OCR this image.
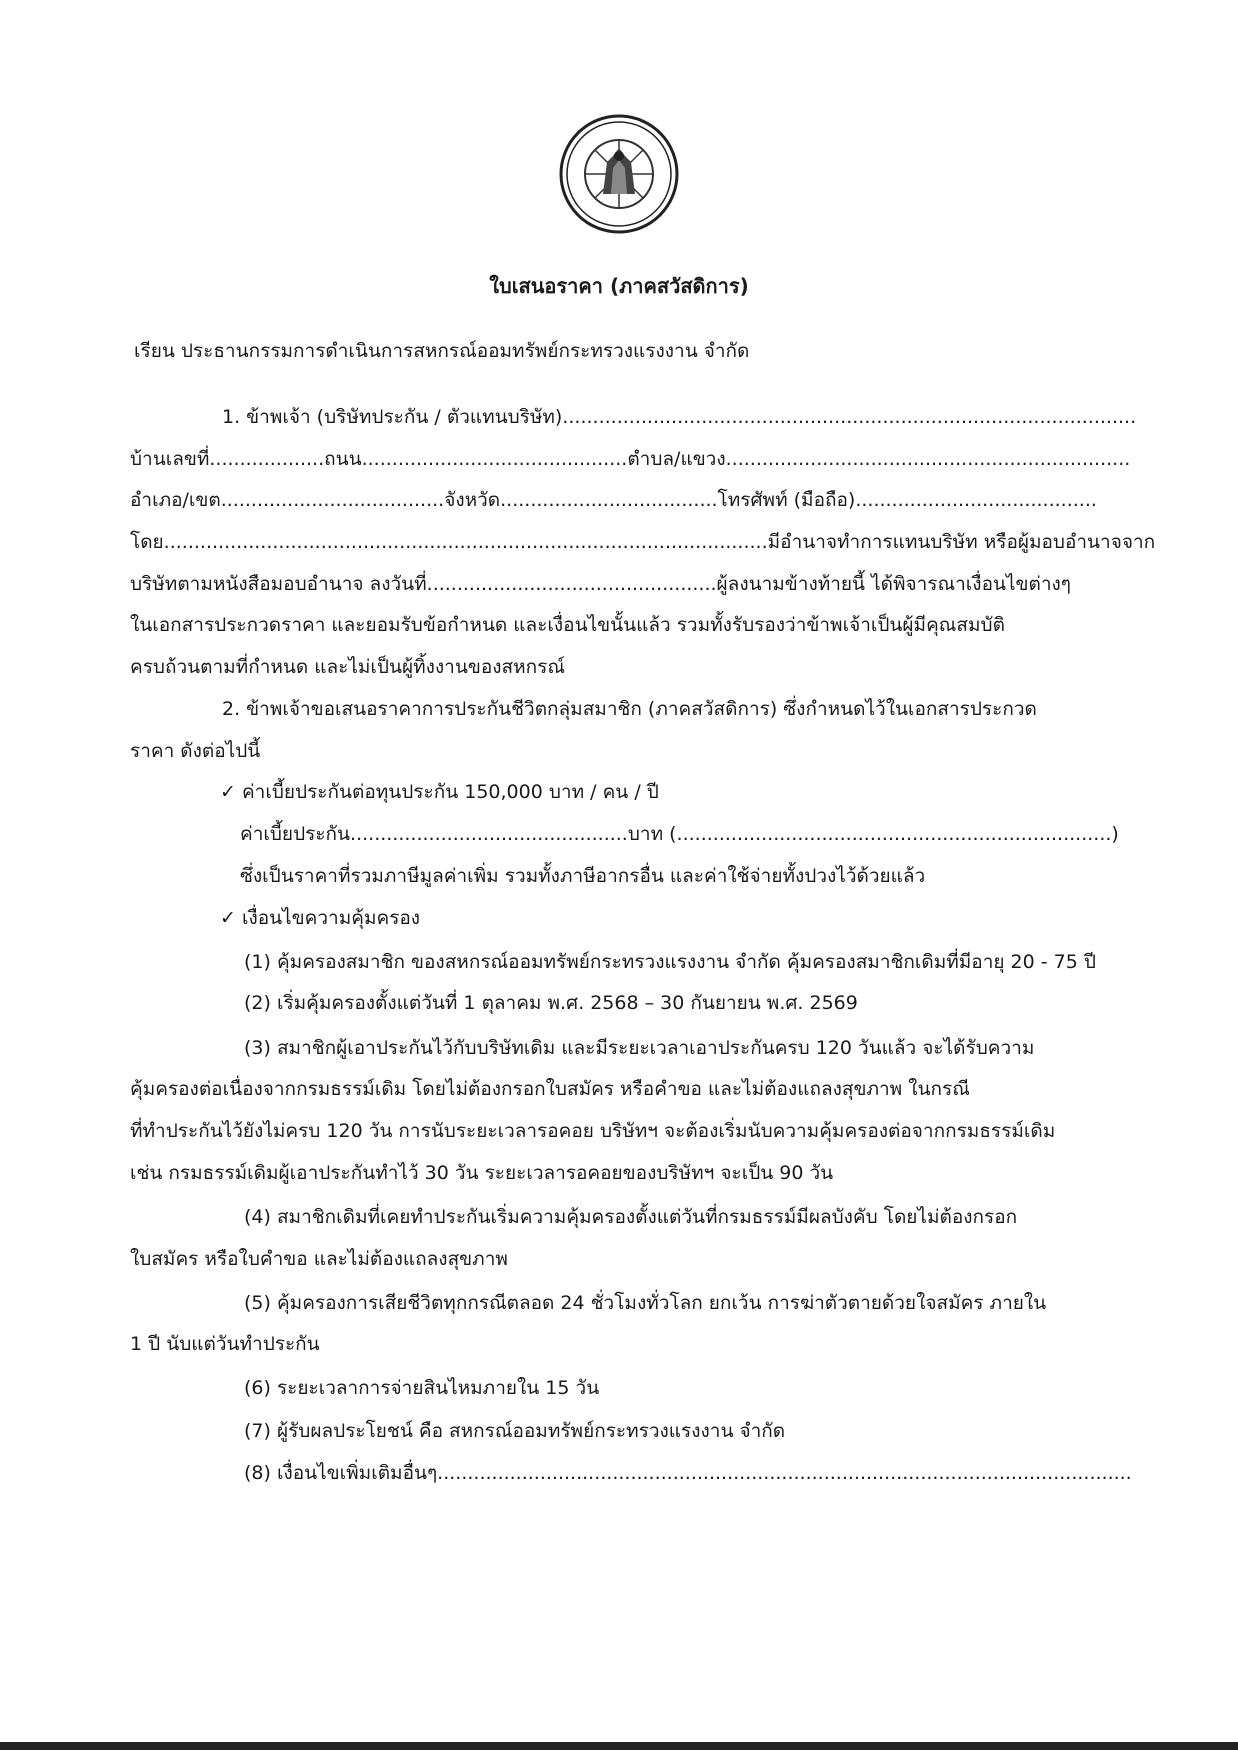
ใบเสนอราคา (ภาคสวัสดิการ)
เรียน ประธานกรรมการดำเนินการสหกรณ์ออมทรัพย์กระทรวงแรงงาน จำกัด
1. ข้าพเจ้า (บริษัทประกัน / ตัวแทนบริษัท)...............................................................................................
บ้านเลขที่...................ถนน............................................ตำบล/แขวง...................................................................
อำเภอ/เขต.....................................จังหวัด....................................โทรศัพท์ (มือถือ)........................................
โดย....................................................................................................มีอำนาจทำการแทนบริษัท หรือผู้มอบอำนาจจาก
บริษัทตามหนังสือมอบอำนาจ ลงวันที่................................................ผู้ลงนามข้างท้ายนี้ ได้พิจารณาเงื่อนไขต่างๆ
ในเอกสารประกวดราคา และยอมรับข้อกำหนด และเงื่อนไขนั้นแล้ว รวมทั้งรับรองว่าข้าพเจ้าเป็นผู้มีคุณสมบัติ
ครบถ้วนตามที่กำหนด และไม่เป็นผู้ทิ้งงานของสหกรณ์
2. ข้าพเจ้าขอเสนอราคาการประกันชีวิตกลุ่มสมาชิก (ภาคสวัสดิการ) ซึ่งกำหนดไว้ในเอกสารประกวด
ราคา ดังต่อไปนี้
✓ ค่าเบี้ยประกันต่อทุนประกัน 150,000 บาท / คน / ปี
ค่าเบี้ยประกัน..............................................บาท (........................................................................)
ซึ่งเป็นราคาที่รวมภาษีมูลค่าเพิ่ม รวมทั้งภาษีอากรอื่น และค่าใช้จ่ายทั้งปวงไว้ด้วยแล้ว
✓ เงื่อนไขความคุ้มครอง
(1) คุ้มครองสมาชิก ของสหกรณ์ออมทรัพย์กระทรวงแรงงาน จำกัด คุ้มครองสมาชิกเดิมที่มีอายุ 20 - 75 ปี
(2) เริ่มคุ้มครองตั้งแต่วันที่ 1 ตุลาคม พ.ศ. 2568 – 30 กันยายน พ.ศ. 2569
(3) สมาชิกผู้เอาประกันไว้กับบริษัทเดิม และมีระยะเวลาเอาประกันครบ 120 วันแล้ว จะได้รับความ
คุ้มครองต่อเนื่องจากกรมธรรม์เดิม โดยไม่ต้องกรอกใบสมัคร หรือคำขอ และไม่ต้องแถลงสุขภาพ ในกรณี
ที่ทำประกันไว้ยังไม่ครบ 120 วัน การนับระยะเวลารอคอย บริษัทฯ จะต้องเริ่มนับความคุ้มครองต่อจากกรมธรรม์เดิม
เช่น กรมธรรม์เดิมผู้เอาประกันทำไว้ 30 วัน ระยะเวลารอคอยของบริษัทฯ จะเป็น 90 วัน
(4) สมาชิกเดิมที่เคยทำประกันเริ่มความคุ้มครองตั้งแต่วันที่กรมธรรม์มีผลบังคับ โดยไม่ต้องกรอก
ใบสมัคร หรือใบคำขอ และไม่ต้องแถลงสุขภาพ
(5) คุ้มครองการเสียชีวิตทุกกรณีตลอด 24 ชั่วโมงทั่วโลก ยกเว้น การฆ่าตัวตายด้วยใจสมัคร ภายใน
1 ปี นับแต่วันทำประกัน
(6) ระยะเวลาการจ่ายสินไหมภายใน 15 วัน
(7) ผู้รับผลประโยชน์ คือ สหกรณ์ออมทรัพย์กระทรวงแรงงาน จำกัด
(8) เงื่อนไขเพิ่มเติมอื่นๆ...................................................................................................................
